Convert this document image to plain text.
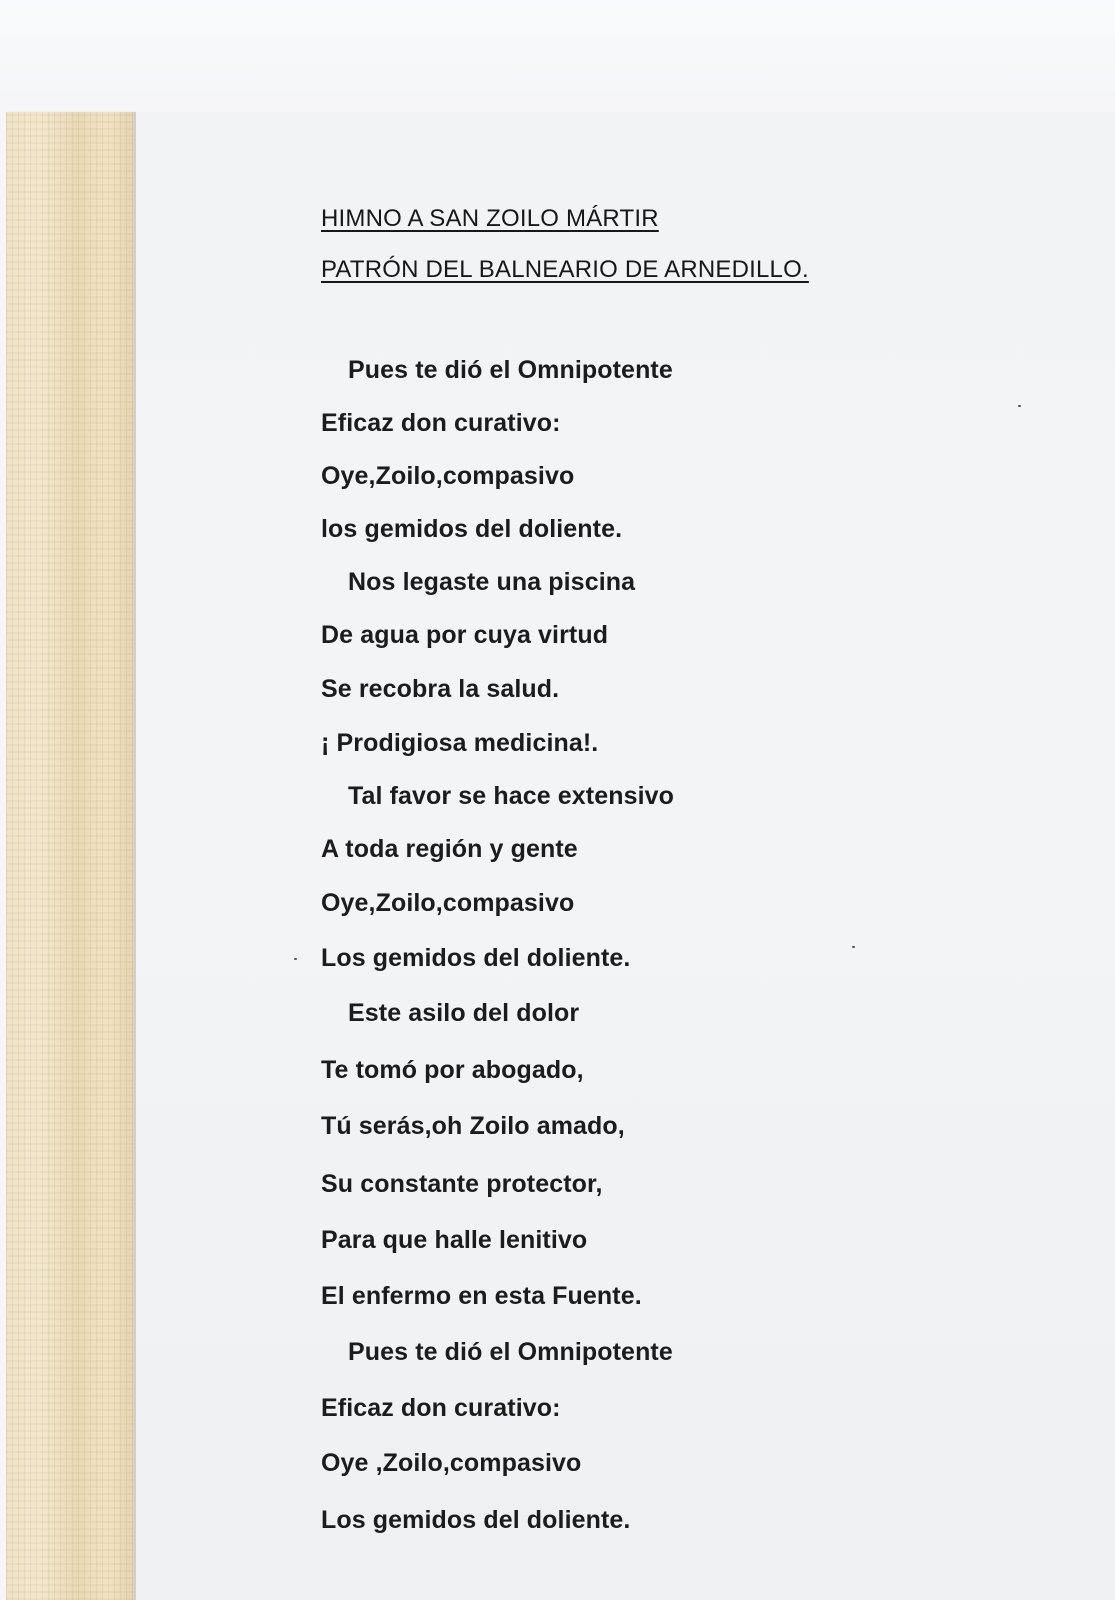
HIMNO A SAN ZOILO MÁRTIR
PATRÓN DEL BALNEARIO DE ARNEDILLO.
Pues te dió el Omnipotente
Eficaz don curativo:
Oye,Zoilo,compasivo
los gemidos del doliente.
Nos legaste una piscina
De agua por cuya virtud
Se recobra la salud.
¡ Prodigiosa medicina!.
Tal favor se hace extensivo
A toda región y gente
Oye,Zoilo,compasivo
Los gemidos del doliente.
Este asilo del dolor
Te tomó por abogado,
Tú serás,oh Zoilo amado,
Su constante protector,
Para que halle lenitivo
El enfermo en esta Fuente.
Pues te dió el Omnipotente
Eficaz don curativo:
Oye ,Zoilo,compasivo
Los gemidos del doliente.
